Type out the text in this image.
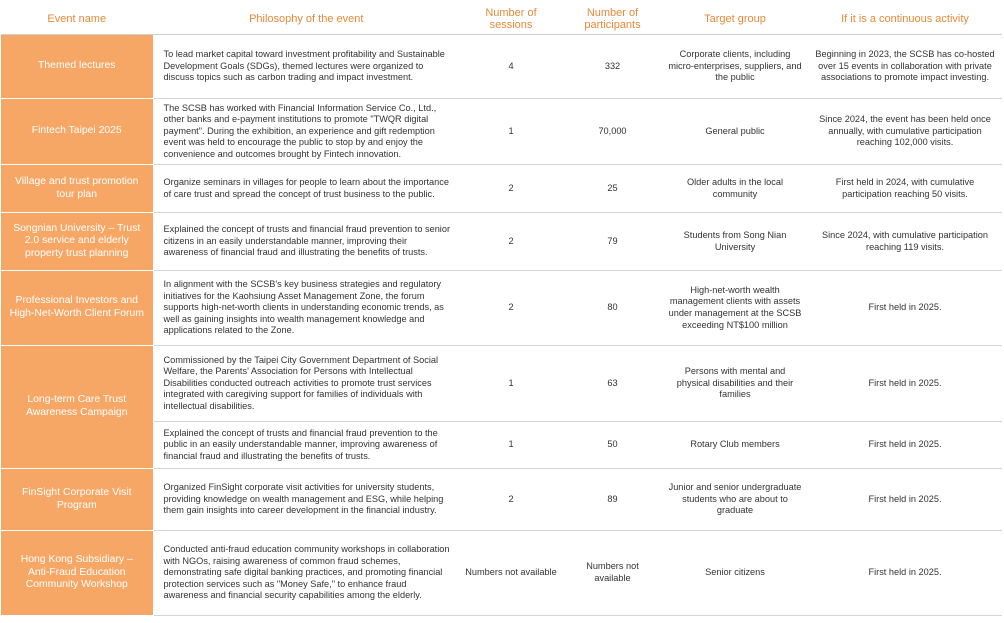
Event name	Philosophy of the event	Number of sessions	Number of participants	Target group	If it is a continuous activity
Themed lectures	To lead market capital toward investment profitability and Sustainable Development Goals (SDGs), themed lectures were organized to discuss topics such as carbon trading and impact investment.	4	332	Corporate clients, including micro-enterprises, suppliers, and the public	Beginning in 2023, the SCSB has co-hosted over 15 events in collaboration with private associations to promote impact investing.
Fintech Taipei 2025	The SCSB has worked with Financial Information Service Co., Ltd., other banks and e-payment institutions to promote "TWQR digital payment". During the exhibition, an experience and gift redemption event was held to encourage the public to stop by and enjoy the convenience and outcomes brought by Fintech innovation.	1	70,000	General public	Since 2024, the event has been held once annually, with cumulative participation reaching 102,000 visits.
Village and trust promotion tour plan	Organize seminars in villages for people to learn about the importance of care trust and spread the concept of trust business to the public.	2	25	Older adults in the local community	First held in 2024, with cumulative participation reaching 50 visits.
Songnian University – Trust 2.0 service and elderly property trust planning	Explained the concept of trusts and financial fraud prevention to senior citizens in an easily understandable manner, improving their awareness of financial fraud and illustrating the benefits of trusts.	2	79	Students from Song Nian University	Since 2024, with cumulative participation reaching 119 visits.
Professional Investors and High-Net-Worth Client Forum	In alignment with the SCSB's key business strategies and regulatory initiatives for the Kaohsiung Asset Management Zone, the forum supports high-net-worth clients in understanding economic trends, as well as gaining insights into wealth management knowledge and applications related to the Zone.	2	80	High-net-worth wealth management clients with assets under management at the SCSB exceeding NT$100 million	First held in 2025.
Long-term Care Trust Awareness Campaign	Commissioned by the Taipei City Government Department of Social Welfare, the Parents' Association for Persons with Intellectual Disabilities conducted outreach activities to promote trust services integrated with caregiving support for families of individuals with intellectual disabilities.	1	63	Persons with mental and physical disabilities and their families	First held in 2025.
	Explained the concept of trusts and financial fraud prevention to the public in an easily understandable manner, improving awareness of financial fraud and illustrating the benefits of trusts.	1	50	Rotary Club members	First held in 2025.
FinSight Corporate Visit Program	Organized FinSight corporate visit activities for university students, providing knowledge on wealth management and ESG, while helping them gain insights into career development in the financial industry.	2	89	Junior and senior undergraduate students who are about to graduate	First held in 2025.
Hong Kong Subsidiary – Anti-Fraud Education Community Workshop	Conducted anti-fraud education community workshops in collaboration with NGOs, raising awareness of common fraud schemes, demonstrating safe digital banking practices, and promoting financial protection services such as "Money Safe," to enhance fraud awareness and financial security capabilities among the elderly.	Numbers not available	Numbers not available	Senior citizens	First held in 2025.
